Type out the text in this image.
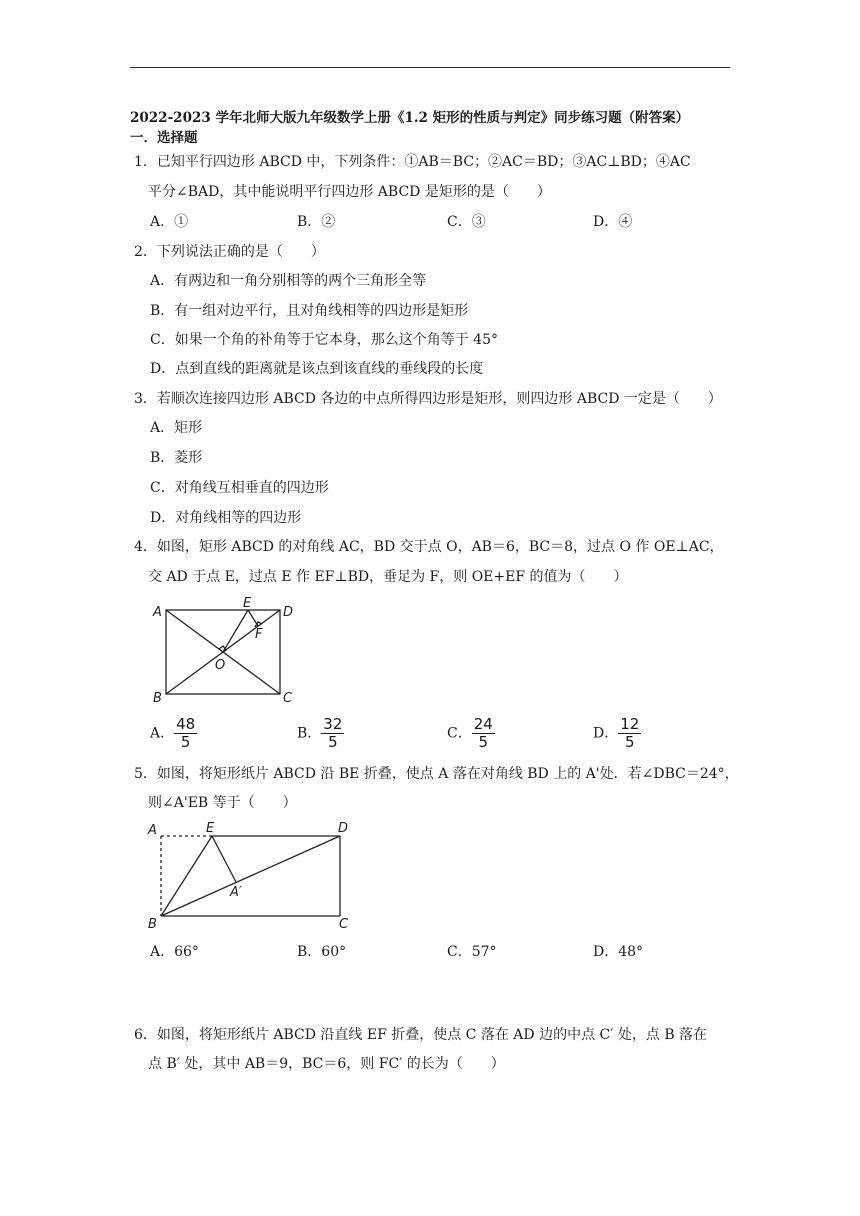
2022-2023 学年北师大版九年级数学上册《1.2 矩形的性质与判定》同步练习题（附答案）
一．选择题
1．已知平行四边形 ABCD 中，下列条件：①AB＝BC；②AC＝BD；③AC⊥BD；④AC
平分∠BAD，其中能说明平行四边形 ABCD 是矩形的是（　　）
A．①	B．②	C．③	D．④
2．下列说法正确的是（　　）
A．有两边和一角分别相等的两个三角形全等
B．有一组对边平行，且对角线相等的四边形是矩形
C．如果一个角的补角等于它本身，那么这个角等于 45°
D．点到直线的距离就是该点到该直线的垂线段的长度
3．若顺次连接四边形 ABCD 各边的中点所得四边形是矩形，则四边形 ABCD 一定是（　　）
A．矩形
B．菱形
C．对角线互相垂直的四边形
D．对角线相等的四边形
4．如图，矩形 ABCD 的对角线 AC，BD 交于点 O，AB＝6，BC＝8，过点 O 作 OE⊥AC，
交 AD 于点 E，过点 E 作 EF⊥BD，垂足为 F，则 OE+EF 的值为（　　）
A
E
D
F
O
B	C
A． $\frac{48}{5}$	B． $\frac{32}{5}$	C． $\frac{24}{5}$	D． $\frac{12}{5}$
5．如图，将矩形纸片 ABCD 沿 BE 折叠，使点 A 落在对角线 BD 上的 A'处．若∠DBC＝24°，
则∠A'EB 等于（　　）
A	E	D
A′
B	C
A．66°	B．60°	C．57°	D．48°
6．如图，将矩形纸片 ABCD 沿直线 EF 折叠，使点 C 落在 AD 边的中点 C′ 处，点 B 落在
点 B′ 处，其中 AB＝9，BC＝6，则 FC′ 的长为（　　）
